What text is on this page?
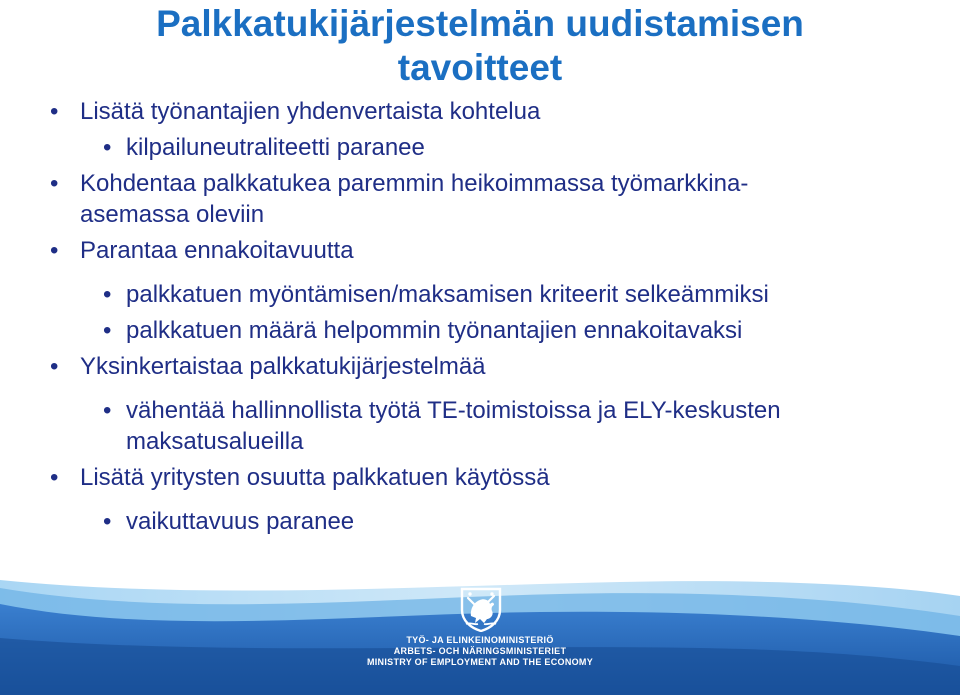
Palkkatukijärjestelmän uudistamisen
tavoitteet
• Lisätä työnantajien yhdenvertaista kohtelua
• kilpailuneutraliteetti paranee
• Kohdentaa palkkatukea paremmin heikoimmassa työmarkkina-
asemassa oleviin
• Parantaa ennakoitavuutta
• palkkatuen myöntämisen/maksamisen kriteerit selkeämmiksi
• palkkatuen määrä helpommin työnantajien ennakoitavaksi
• Yksinkertaistaa palkkatukijärjestelmää
• vähentää hallinnollista työtä TE-toimistoissa ja ELY-keskusten
maksatusalueilla
• Lisätä yritysten osuutta palkkatuen käytössä
• vaikuttavuus paranee
TYÖ- JA ELINKEINOMINISTERIÖ
ARBETS- OCH NÄRINGSMINISTERIET
MINISTRY OF EMPLOYMENT AND THE ECONOMY
